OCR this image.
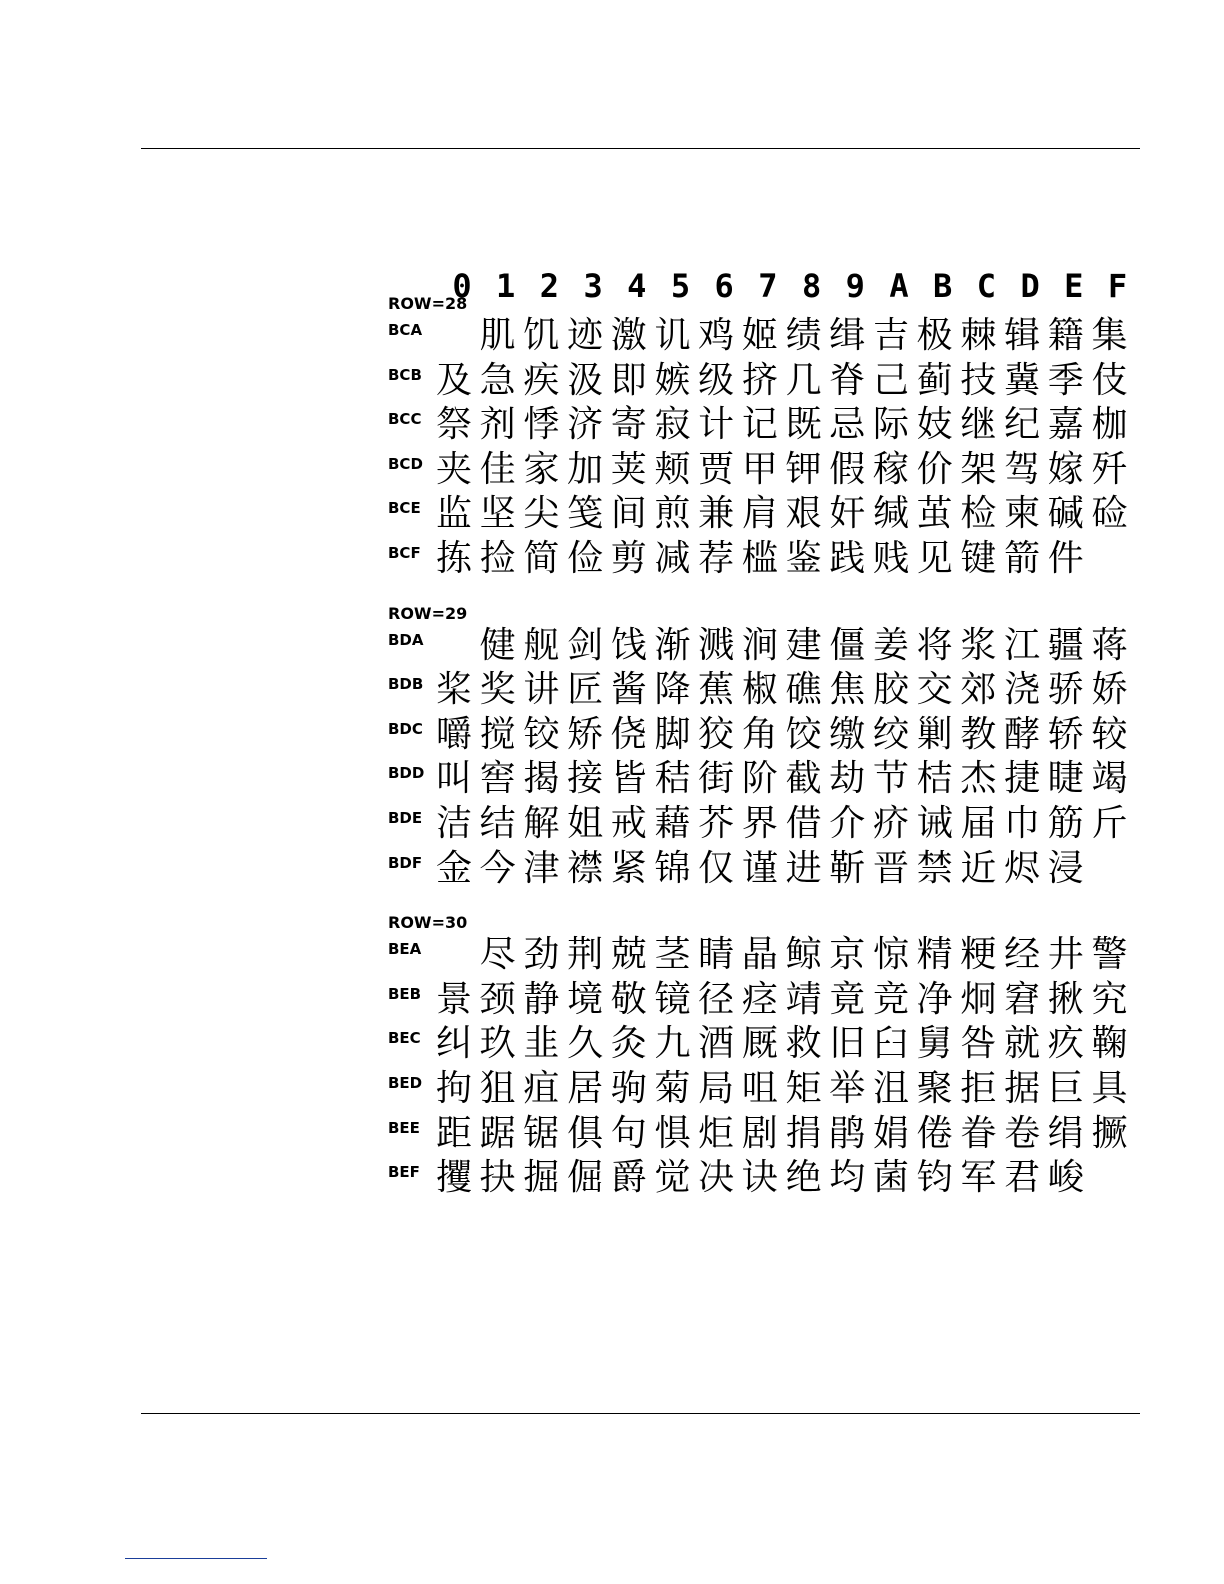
0 1 2 3 4 5 6 7 8 9 A B C D E F
ROW=28
BCA 肌 饥 迹 激 讥 鸡 姬 绩 缉 吉 极 棘 辑 籍 集
BCB 及 急 疾 汲 即 嫉 级 挤 几 脊 己 蓟 技 冀 季 伎
BCC 祭 剂 悸 济 寄 寂 计 记 既 忌 际 妓 继 纪 嘉 枷
BCD 夹 佳 家 加 荚 颊 贾 甲 钾 假 稼 价 架 驾 嫁 歼
BCE 监 坚 尖 笺 间 煎 兼 肩 艰 奸 缄 茧 检 柬 碱 硷
BCF 拣 捡 简 俭 剪 减 荐 槛 鉴 践 贱 见 键 箭 件
ROW=29
BDA 健 舰 剑 饯 渐 溅 涧 建 僵 姜 将 浆 江 疆 蒋
BDB 桨 奖 讲 匠 酱 降 蕉 椒 礁 焦 胶 交 郊 浇 骄 娇
BDC 嚼 搅 铰 矫 侥 脚 狡 角 饺 缴 绞 剿 教 酵 轿 较
BDD 叫 窖 揭 接 皆 秸 街 阶 截 劫 节 桔 杰 捷 睫 竭
BDE 洁 结 解 姐 戒 藉 芥 界 借 介 疥 诫 届 巾 筋 斤
BDF 金 今 津 襟 紧 锦 仅 谨 进 靳 晋 禁 近 烬 浸
ROW=30
BEA 尽 劲 荆 兢 茎 睛 晶 鲸 京 惊 精 粳 经 井 警
BEB 景 颈 静 境 敬 镜 径 痉 靖 竟 竞 净 炯 窘 揪 究
BEC 纠 玖 韭 久 灸 九 酒 厩 救 旧 臼 舅 咎 就 疚 鞠
BED 拘 狙 疽 居 驹 菊 局 咀 矩 举 沮 聚 拒 据 巨 具
BEE 距 踞 锯 俱 句 惧 炬 剧 捐 鹃 娟 倦 眷 卷 绢 撅
BEF 攫 抉 掘 倔 爵 觉 决 诀 绝 均 菌 钧 军 君 峻
